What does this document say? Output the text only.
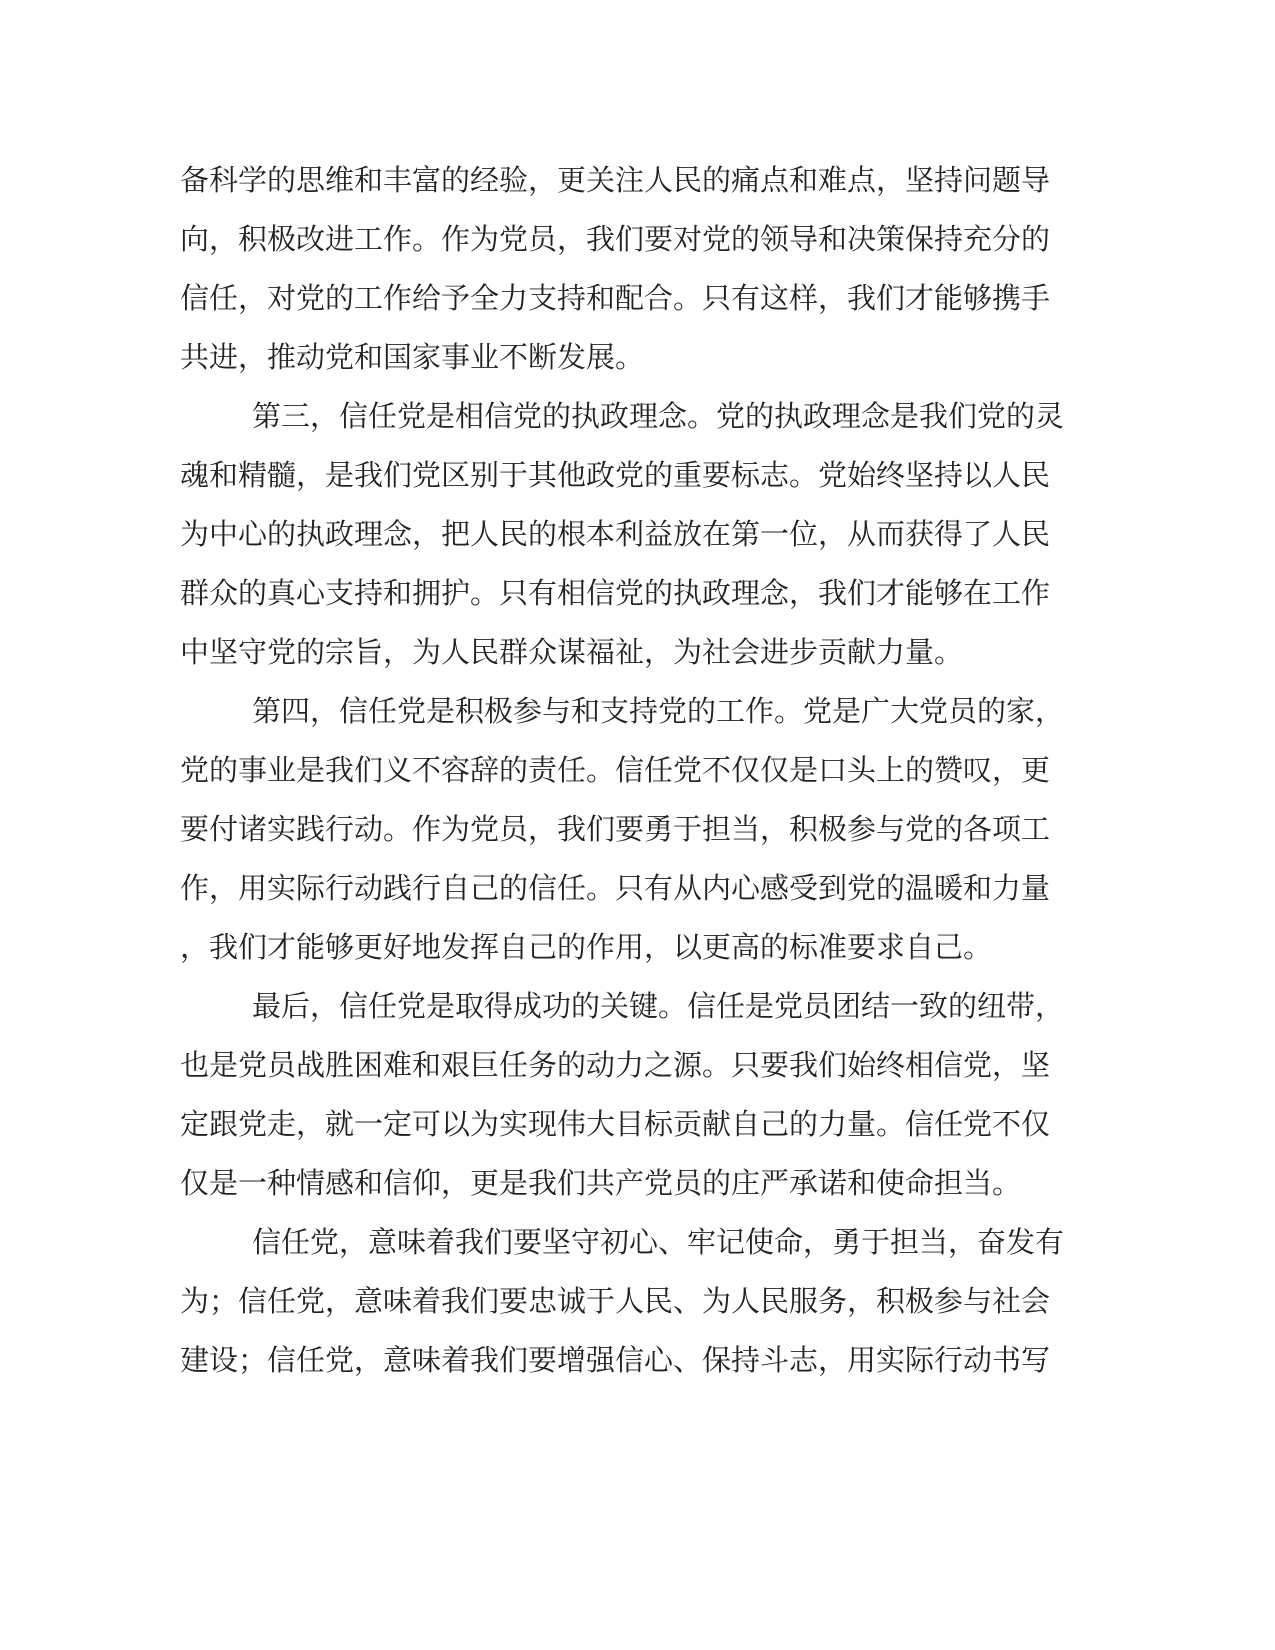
备科学的思维和丰富的经验，更关注人民的痛点和难点，坚持问题导
向，积极改进工作。作为党员，我们要对党的领导和决策保持充分的
信任，对党的工作给予全力支持和配合。只有这样，我们才能够携手
共进，推动党和国家事业不断发展。
第三，信任党是相信党的执政理念。党的执政理念是我们党的灵
魂和精髓，是我们党区别于其他政党的重要标志。党始终坚持以人民
为中心的执政理念，把人民的根本利益放在第一位，从而获得了人民
群众的真心支持和拥护。只有相信党的执政理念，我们才能够在工作
中坚守党的宗旨，为人民群众谋福祉，为社会进步贡献力量。
第四，信任党是积极参与和支持党的工作。党是广大党员的家，
党的事业是我们义不容辞的责任。信任党不仅仅是口头上的赞叹，更
要付诸实践行动。作为党员，我们要勇于担当，积极参与党的各项工
作，用实际行动践行自己的信任。只有从内心感受到党的温暖和力量
，我们才能够更好地发挥自己的作用，以更高的标准要求自己。
最后，信任党是取得成功的关键。信任是党员团结一致的纽带，
也是党员战胜困难和艰巨任务的动力之源。只要我们始终相信党，坚
定跟党走，就一定可以为实现伟大目标贡献自己的力量。信任党不仅
仅是一种情感和信仰，更是我们共产党员的庄严承诺和使命担当。
信任党，意味着我们要坚守初心、牢记使命，勇于担当，奋发有
为；信任党，意味着我们要忠诚于人民、为人民服务，积极参与社会
建设；信任党，意味着我们要增强信心、保持斗志，用实际行动书写
